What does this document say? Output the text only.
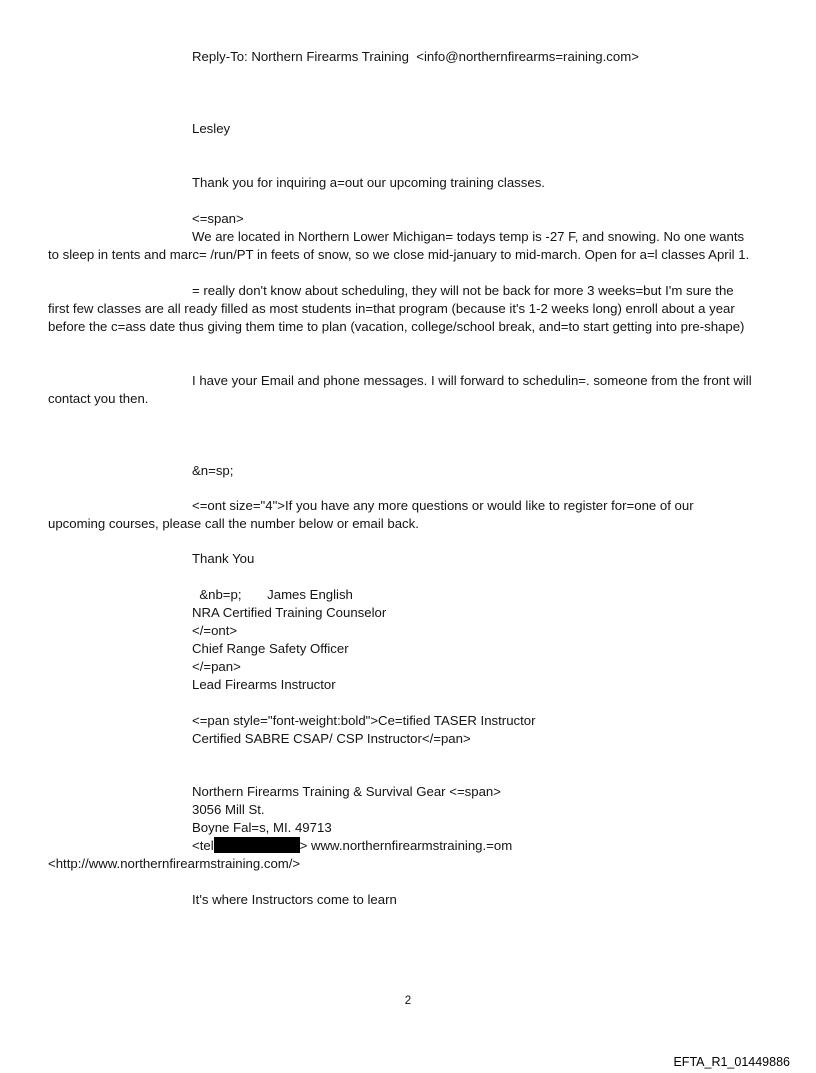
Reply-To: Northern Firearms Training  <info@northernfirearms=raining.com>
Lesley
Thank you for inquiring a=out our upcoming training classes.
<=span>
We are located in Northern Lower Michigan= todays temp is -27 F, and snowing. No one wants
to sleep in tents and marc= /run/PT in feets of snow, so we close mid-january to mid-march. Open for a=l classes April 1.
= really don't know about scheduling, they will not be back for more 3 weeks=but I'm sure the
first few classes are all ready filled as most students in=that program (because it's 1-2 weeks long) enroll about a year
before the c=ass date thus giving them time to plan (vacation, college/school break, and=to start getting into pre-shape)
I have your Email and phone messages. I will forward to schedulin=. someone from the front will
contact you then.
&n=sp;
<=ont size="4">If you have any more questions or would like to register for=one of our
upcoming courses, please call the number below or email back.
Thank You
&nb=p;       James English
NRA Certified Training Counselor
</=ont>
Chief Range Safety Officer
</=pan>
Lead Firearms Instructor
<=pan style="font-weight:bold">Ce=tified TASER Instructor
Certified SABRE CSAP/ CSP Instructor</=pan>
Northern Firearms Training & Survival Gear <=span>
3056 Mill St.
Boyne Fal=s, MI. 49713
<tel	> www.northernfirearmstraining.=om
<http://www.northernfirearmstraining.com/>
It's where Instructors come to learn
2
EFTA_R1_01449886
